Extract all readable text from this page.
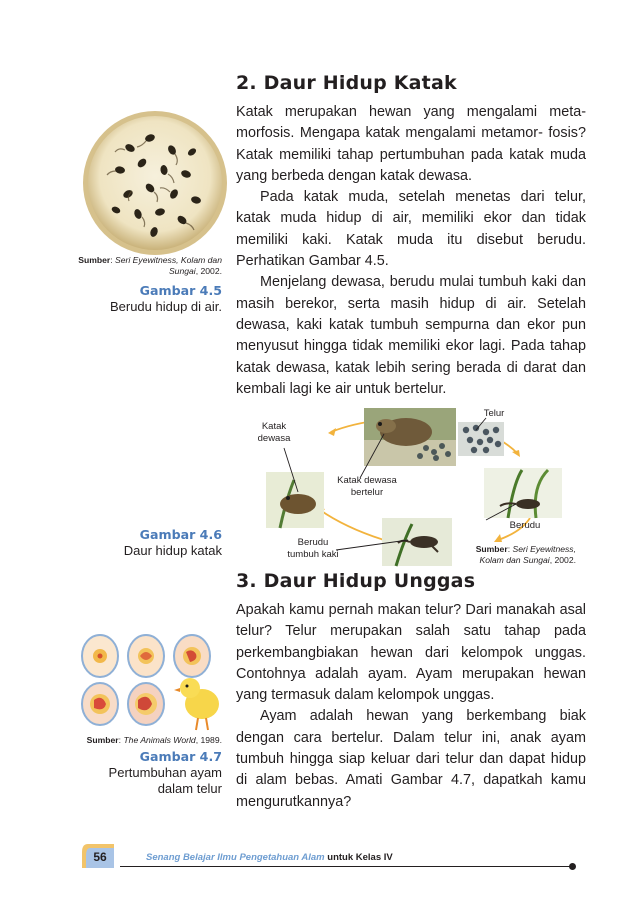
2. Daur Hidup Katak
Katak merupakan hewan yang mengalami meta- morfosis. Mengapa katak mengalami metamor- fosis? Katak memiliki tahap pertumbuhan pada katak muda yang berbeda dengan katak dewasa.
Pada katak muda, setelah menetas dari telur, katak muda hidup di air, memiliki ekor dan tidak memiliki kaki. Katak muda itu disebut berudu. Perhatikan Gambar 4.5.
Menjelang dewasa, berudu mulai tumbuh kaki dan masih berekor, serta masih hidup di air. Setelah dewasa, kaki katak tumbuh sempurna dan ekor pun menyusut hingga tidak memiliki ekor lagi. Pada tahap katak dewasa, katak lebih sering berada di darat dan kembali lagi ke air untuk bertelur.
Sumber: Seri Eyewitness, Kolam dan
Sungai, 2002.
Gambar 4.5
Berudu hidup di air.
Telur
Katak
dewasa
Katak dewasa
bertelur
Berudu
Berudu
tumbuh kaki	Sumber: Seri Eyewitness,
Kolam dan Sungai, 2002.
Gambar 4.6
Daur hidup katak
3. Daur Hidup Unggas
Apakah kamu pernah makan telur? Dari manakah asal telur? Telur merupakan salah satu tahap pada perkembangbiakan hewan dari kelompok unggas. Contohnya adalah ayam. Ayam merupakan hewan yang termasuk dalam kelompok unggas.
Ayam adalah hewan yang berkembang biak dengan cara bertelur. Dalam telur ini, anak ayam tumbuh hingga siap keluar dari telur dan dapat hidup di alam bebas. Amati Gambar 4.7, dapatkah kamu mengurutkannya?
Sumber: The Animals World, 1989.
Gambar 4.7
Pertumbuhan ayam
dalam telur
56	Senang Belajar Ilmu Pengetahuan Alam untuk Kelas IV
